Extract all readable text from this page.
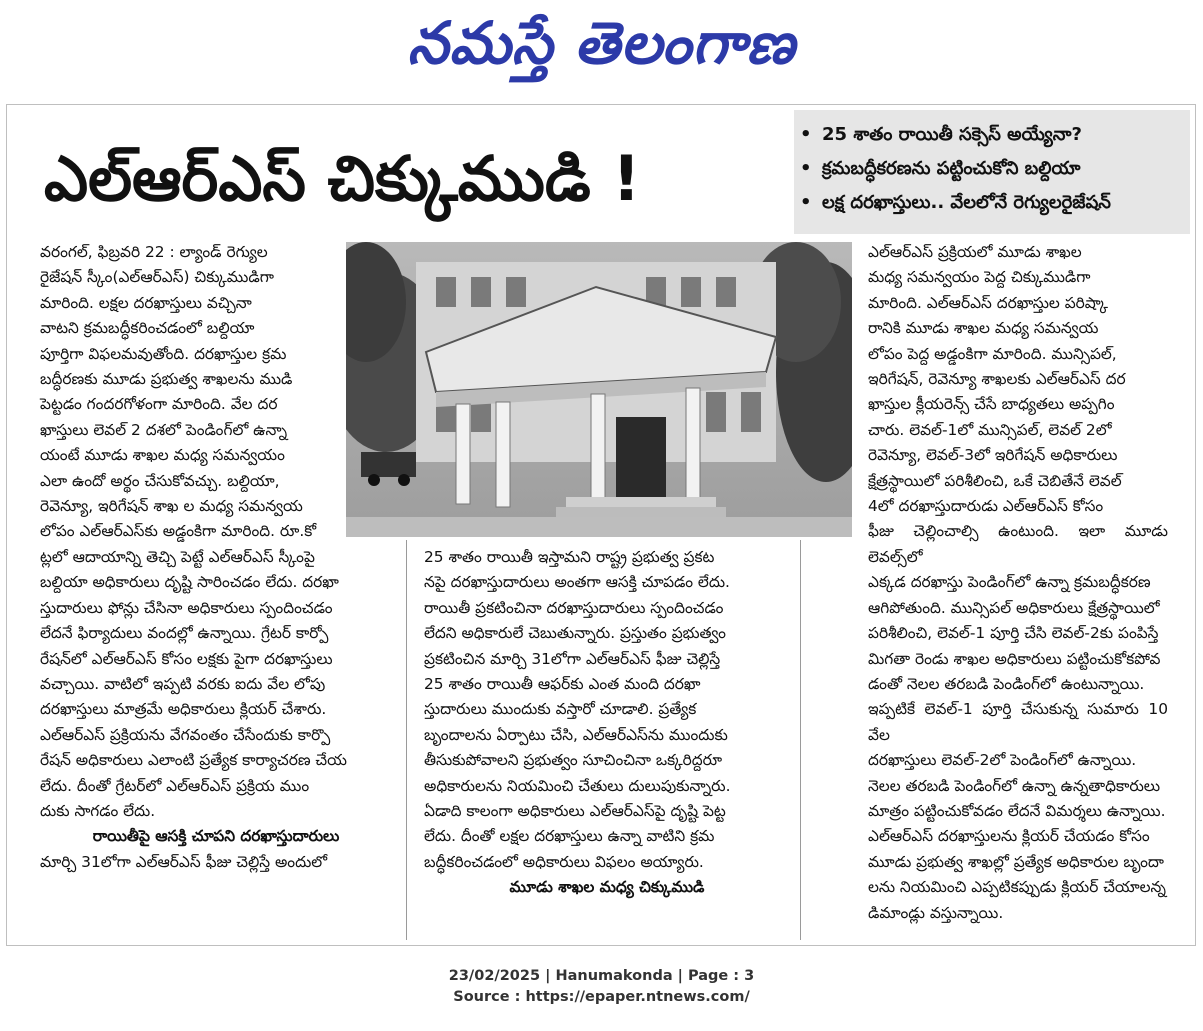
నమస్తే తెలంగాణ
ఎల్‌ఆర్‌ఎస్‌ చిక్కుముడి !
• 25 శాతం రాయితీ సక్సెస్‌ అయ్యేనా?
• క్రమబద్ధీకరణను పట్టించుకోని బల్దియా
• లక్ష దరఖాస్తులు.. వేలలోనే రెగ్యులరైజేషన్‌

వరంగల్‌, ఫిబ్రవరి 22 : ల్యాండ్‌ రెగ్యుల

రైజేషన్‌ స్కీం(ఎల్‌ఆర్‌ఎస్‌) చిక్కుముడిగా

మారింది. లక్షల దరఖాస్తులు వచ్చినా

వాటని క్రమబద్ధీకరించడంలో బల్దియా

పూర్తిగా విఫలమవుతోంది. దరఖాస్తుల క్రమ

బద్ధీరణకు మూడు ప్రభుత్వ శాఖలను ముడి

పెట్టడం గందరగోళంగా మారింది. వేల దర

ఖాస్తులు లెవల్‌ 2 దశలో పెండింగ్‌లో ఉన్నా

యంటే మూడు శాఖల మధ్య సమన్వయం

ఎలా ఉందో అర్థం చేసుకోవచ్చు. బల్దియా,

రెవెన్యూ, ఇరిగేషన్‌ శాఖ ల మధ్య సమన్వయ

లోపం ఎల్‌ఆర్‌ఎస్‌కు అడ్డంకిగా మారింది. రూ.కో

ట్లలో ఆదాయాన్ని తెచ్చి పెట్టే ఎల్‌ఆర్‌ఎస్‌ స్కీంపై

బల్దియా అధికారులు దృష్టి సారించడం లేదు. దరఖా

స్తుదారులు ఫోన్లు చేసినా అధికారులు స్పందించడం

లేదనే ఫిర్యాదులు వందల్లో ఉన్నాయి. గ్రేటర్‌ కార్పో

రేషన్‌లో ఎల్‌ఆర్‌ఎస్‌ కోసం లక్షకు పైగా దరఖాస్తులు

వచ్చాయి. వాటిలో ఇప్పటి వరకు ఐదు వేల లోపు

దరఖాస్తులు మాత్రమే అధికారులు క్లియర్‌ చేశారు.

ఎల్‌ఆర్‌ఎస్‌ ప్రక్రియను వేగవంతం చేసేందుకు కార్పొ

రేషన్‌ అధికారులు ఎలాంటి ప్రత్యేక కార్యాచరణ చేయ

లేదు. దీంతో గ్రేటర్‌లో ఎల్‌ఆర్‌ఎస్‌ ప్రక్రియ ముం

దుకు సాగడం లేదు.

రాయితీపై ఆసక్తి చూపని దరఖాస్తుదారులు

మార్చి 31లోగా ఎల్‌ఆర్‌ఎస్‌ ఫీజు చెల్లిస్తే అందులో

25 శాతం రాయితీ ఇస్తామని రాష్ట్ర ప్రభుత్వ ప్రకట

నపై దరఖాస్తుదారులు అంతగా ఆసక్తి చూపడం లేదు.

రాయితీ ప్రకటించినా దరఖాస్తుదారులు స్పందించడం

లేదని అధికారులే చెబుతున్నారు. ప్రస్తుతం ప్రభుత్వం

ప్రకటించిన మార్చి 31లోగా ఎల్‌ఆర్‌ఎస్‌ ఫీజు చెల్లిస్తే

25 శాతం రాయితీ ఆఫర్‌కు ఎంత మంది దరఖా

స్తుదారులు ముందుకు వస్తారో చూడాలి. ప్రత్యేక

బృందాలను ఏర్పాటు చేసి, ఎల్‌ఆర్‌ఎస్‌ను ముందుకు

తీసుకుపోవాలని ప్రభుత్వం సూచించినా ఒక్కరిద్దరూ

అధికారులను నియమించి చేతులు దులుపుకున్నారు.

ఏడాది కాలంగా అధికారులు ఎల్‌ఆర్‌ఎస్‌పై దృష్టి పెట్ట

లేదు. దీంతో లక్షల దరఖాస్తులు ఉన్నా వాటిని క్రమ

బద్ధీకరించడంలో అధికారులు విఫలం అయ్యారు.

మూడు శాఖల మధ్య చిక్కుముడి

ఎల్‌ఆర్‌ఎస్‌ ప్రక్రియలో మూడు శాఖల

మధ్య సమన్వయం పెద్ద చిక్కుముడిగా

మారింది. ఎల్‌ఆర్‌ఎస్‌ దరఖాస్తుల పరిష్కా

రానికి మూడు శాఖల మధ్య సమన్వయ

లోపం పెద్ద అడ్డంకిగా మారింది. మున్సిపల్‌,

ఇరిగేషన్‌, రెవెన్యూ శాఖలకు ఎల్‌ఆర్‌ఎస్‌ దర

ఖాస్తుల క్లీయరెన్స్‌ చేసే బాధ్యతలు అప్పగిం

చారు. లెవల్‌-1లో మున్సిపల్‌, లెవల్‌ 2లో

రెవెన్యూ, లెవల్‌-3లో ఇరిగేషన్‌ అధికారులు

క్షేత్రస్థాయిలో పరిశీలించి, ఒకే చెబితేనే లెవల్‌

4లో దరఖాస్తుదారుడు ఎల్‌ఆర్‌ఎస్‌ కోసం

ఫీజు చెల్లించాల్సి ఉంటుంది. ఇలా మూడు లెవల్స్‌లో

ఎక్కడ దరఖాస్తు పెండింగ్‌లో ఉన్నా క్రమబద్ధీకరణ

ఆగిపోతుంది. మున్సిపల్‌ అధికారులు క్షేత్రస్థాయిలో

పరిశీలించి, లెవల్‌-1 పూర్తి చేసి లెవల్‌-2కు పంపిస్తే

మిగతా రెండు శాఖల అధికారులు పట్టించుకోకపోవ

డంతో నెలల తరబడి పెండింగ్‌లో ఉంటున్నాయి.

ఇప్పటికే లెవల్‌-1 పూర్తి చేసుకున్న సుమారు 10 వేల

దరఖాస్తులు లెవల్‌-2లో పెండింగ్‌లో ఉన్నాయి.

నెలల తరబడి పెండింగ్‌లో ఉన్నా ఉన్నతాధికారులు

మాత్రం పట్టించుకోవడం లేదనే విమర్శలు ఉన్నాయి.

ఎల్‌ఆర్‌ఎస్‌ దరఖాస్తులను క్లియర్‌ చేయడం కోసం

మూడు ప్రభుత్వ శాఖల్లో ప్రత్యేక అధికారుల బృందా

లను నియమించి ఎప్పటికప్పుడు క్లియర్‌ చేయాలన్న

డిమాండ్లు వస్తున్నాయి.

23/02/2025 | Hanumakonda | Page : 3
Source : https://epaper.ntnews.com/
